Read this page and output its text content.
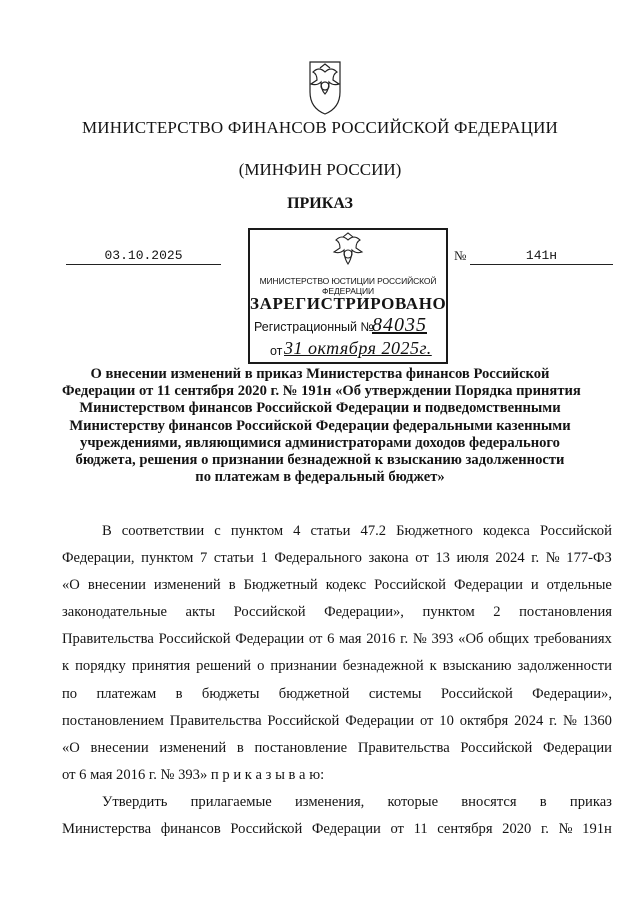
МИНИСТЕРСТВО ФИНАНСОВ РОССИЙСКОЙ ФЕДЕРАЦИИ
(МИНФИН РОССИИ)
ПРИКАЗ
03.10.2025	№	141н
МИНИСТЕРСТВО ЮСТИЦИИ РОССИЙСКОЙ ФЕДЕРАЦИИ
ЗАРЕГИСТРИРОВАНО
Регистрационный №
84035
от 31 октября 2025г.
О внесении изменений в приказ Министерства финансов Российской
Федерации от 11 сентября 2020 г. № 191н «Об утверждении Порядка принятия
Министерством финансов Российской Федерации и подведомственными
Министерству финансов Российской Федерации федеральными казенными
учреждениями, являющимися администраторами доходов федерального
бюджета, решения о признании безнадежной к взысканию задолженности
по платежам в федеральный бюджет»
В соответствии с пунктом 4 статьи 47.2 Бюджетного кодекса Российской
Федерации, пунктом 7 статьи 1 Федерального закона от 13 июля 2024 г. № 177-ФЗ
«О внесении изменений в Бюджетный кодекс Российской Федерации и отдельные
законодательные акты Российской Федерации», пунктом 2 постановления
Правительства Российской Федерации от 6 мая 2016 г. № 393 «Об общих требованиях
к порядку принятия решений о признании безнадежной к взысканию задолженности
по платежам в бюджеты бюджетной системы Российской Федерации»,
постановлением Правительства Российской Федерации от 10 октября 2024 г. № 1360
«О внесении изменений в постановление Правительства Российской Федерации
от 6 мая 2016 г. № 393» п р и к а з ы в а ю:
Утвердить прилагаемые изменения, которые вносятся в приказ
Министерства финансов Российской Федерации от 11 сентября 2020 г. № 191н
